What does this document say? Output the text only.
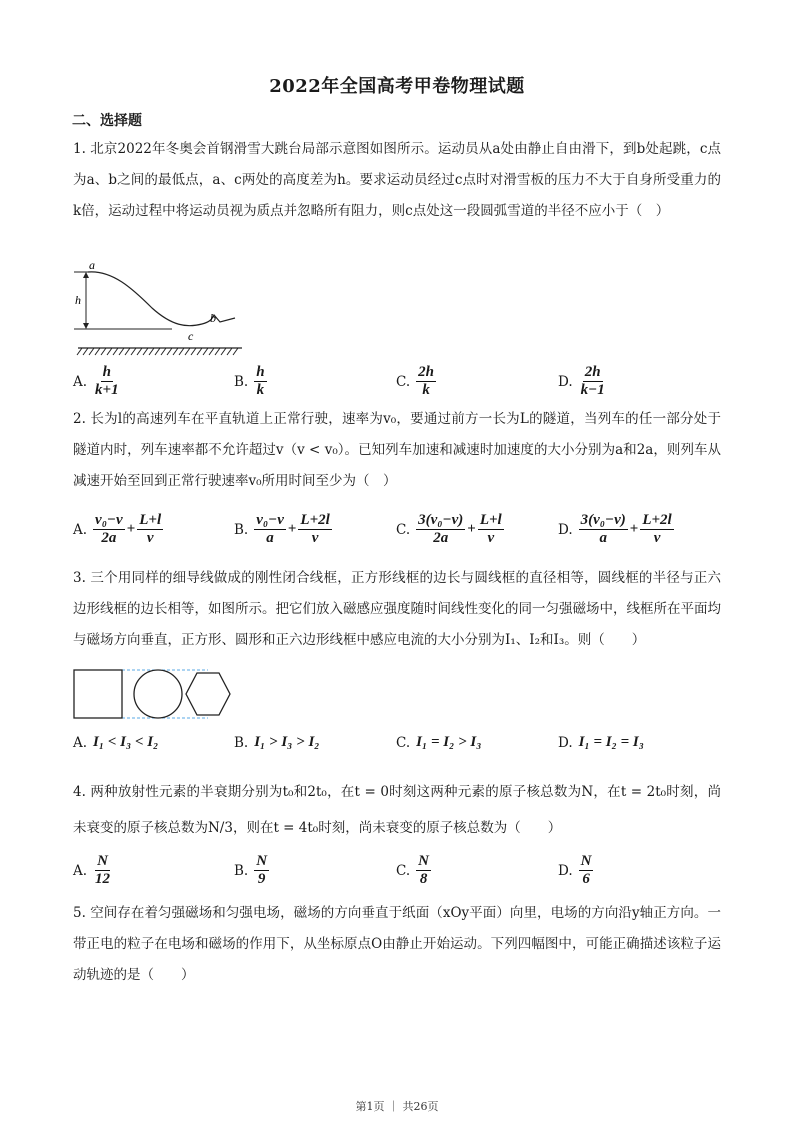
2022年全国高考甲卷物理试题
二、选择题
1. 北京2022年冬奥会首钢滑雪大跳台局部示意图如图所示。运动员从a处由静止自由滑下，到b处起跳，c点为a、b之间的最低点，a、c两处的高度差为h。要求运动员经过c点时对滑雪板的压力不大于自身所受重力的k倍，运动过程中将运动员视为质点并忽略所有阻力，则c点处这一段圆弧雪道的半径不应小于（　）
a
h
b
c
A. $\frac{h}{k+1}$	B. $\frac{h}{k}$	C. $\frac{2h}{k}$	D. $\frac{2h}{k-1}$
2. 长为l的高速列车在平直轨道上正常行驶，速率为v₀，要通过前方一长为L的隧道，当列车的任一部分处于隧道内时，列车速率都不允许超过v（v < v₀）。已知列车加速和减速时加速度的大小分别为a和2a，则列车从减速开始至回到正常行驶速率v₀所用时间至少为（　）
A. $\frac{\text{v₀−v}}{2a} + \frac{L+l}{v}$	B. $\frac{\text{v₀−v}}{a} + \frac{L+2l}{v}$	C. $\frac{\text{3(v₀−v)}}{2a} + \frac{L+l}{v}$	D. $\frac{\text{3(v₀−v)}}{a} + \frac{L+2l}{v}$
3. 三个用同样的细导线做成的刚性闭合线框，正方形线框的边长与圆线框的直径相等，圆线框的半径与正六边形线框的边长相等，如图所示。把它们放入磁感应强度随时间线性变化的同一匀强磁场中，线框所在平面均与磁场方向垂直，正方形、圆形和正六边形线框中感应电流的大小分别为I₁、I₂和I₃。则（　　）
A. I₁ < I₃ < I₂	B. I₁ > I₃ > I₂	C. I₁ = I₂ > I₃	D. I₁ = I₂ = I₃
4. 两种放射性元素的半衰期分别为t₀和2t₀，在t = 0时刻这两种元素的原子核总数为N，在t = 2t₀时刻，尚未衰变的原子核总数为N/3，则在t = 4t₀时刻，尚未衰变的原子核总数为（　　）
A. $\frac{N}{12}$	B. $\frac{N}{9}$	C. $\frac{N}{8}$	D. $\frac{N}{6}$
5. 空间存在着匀强磁场和匀强电场，磁场的方向垂直于纸面（xOy平面）向里，电场的方向沿y轴正方向。一带正电的粒子在电场和磁场的作用下，从坐标原点O由静止开始运动。下列四幅图中，可能正确描述该粒子运动轨迹的是（　　）
第1页 ｜ 共26页
